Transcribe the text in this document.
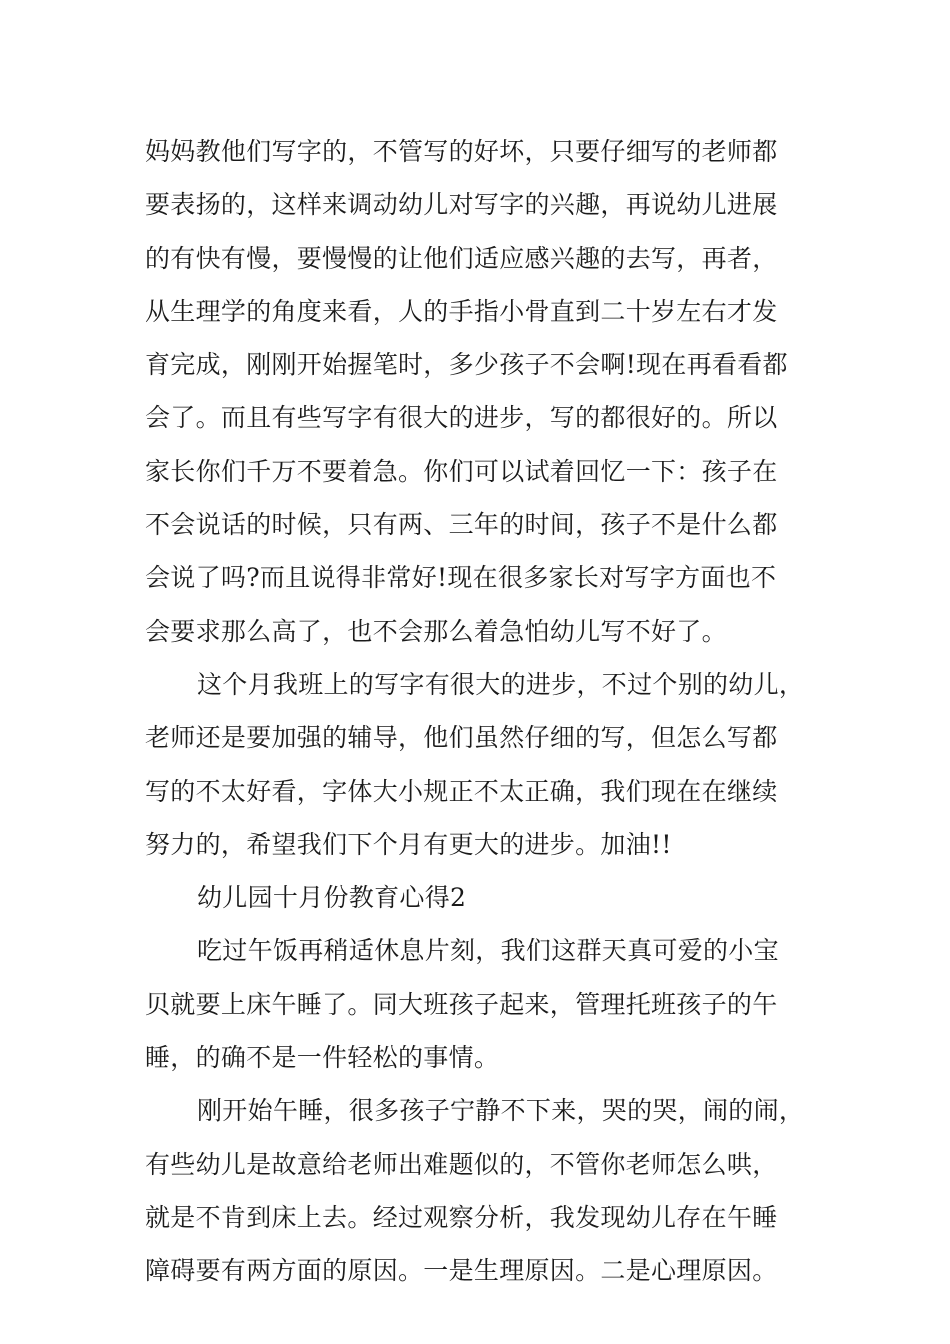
妈妈教他们写字的，不管写的好坏，只要仔细写的老师都
要表扬的，这样来调动幼儿对写字的兴趣，再说幼儿进展
的有快有慢，要慢慢的让他们适应感兴趣的去写，再者，
从生理学的角度来看，人的手指小骨直到二十岁左右才发
育完成，刚刚开始握笔时，多少孩子不会啊!现在再看看都
会了。而且有些写字有很大的进步，写的都很好的。所以
家长你们千万不要着急。你们可以试着回忆一下：孩子在
不会说话的时候，只有两、三年的时间，孩子不是什么都
会说了吗?而且说得非常好!现在很多家长对写字方面也不
会要求那么高了，也不会那么着急怕幼儿写不好了。
这个月我班上的写字有很大的进步，不过个别的幼儿，
老师还是要加强的辅导，他们虽然仔细的写，但怎么写都
写的不太好看，字体大小规正不太正确，我们现在在继续
努力的，希望我们下个月有更大的进步。加油!!
幼儿园十月份教育心得2
吃过午饭再稍适休息片刻，我们这群天真可爱的小宝
贝就要上床午睡了。同大班孩子起来，管理托班孩子的午
睡，的确不是一件轻松的事情。
刚开始午睡，很多孩子宁静不下来，哭的哭，闹的闹，
有些幼儿是故意给老师出难题似的，不管你老师怎么哄，
就是不肯到床上去。经过观察分析，我发现幼儿存在午睡
障碍要有两方面的原因。一是生理原因。二是心理原因。
